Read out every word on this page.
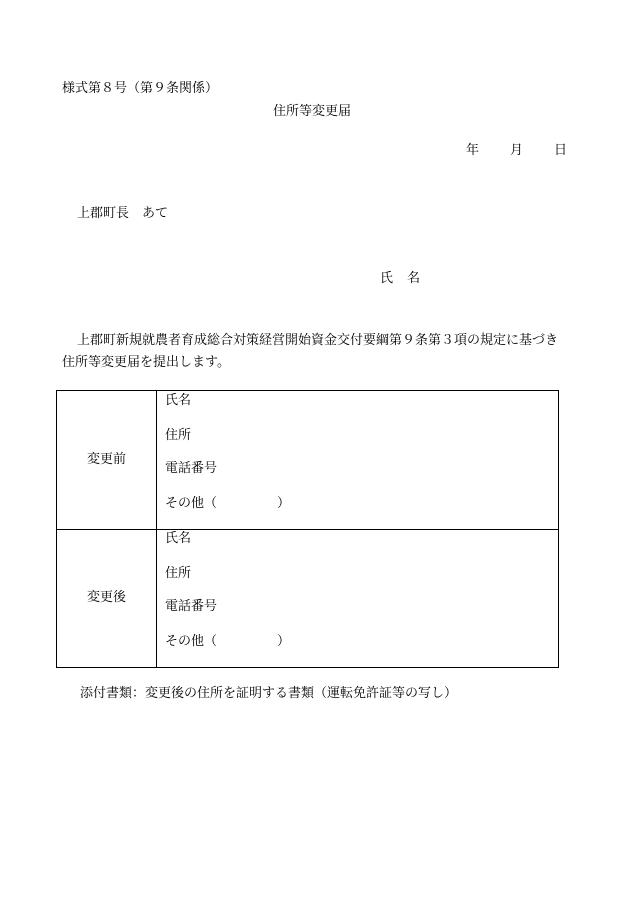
様式第８号（第９条関係）
住所等変更届
年 月 日
上郡町長　あて
氏 名
上郡町新規就農者育成総合対策経営開始資金交付要綱第９条第３項の規定に基づき住所等変更届を提出します。
変更前
氏名
住所
電話番号
その他（	）
変更後
氏名
住所
電話番号
その他（	）
添付書類：変更後の住所を証明する書類（運転免許証等の写し）
